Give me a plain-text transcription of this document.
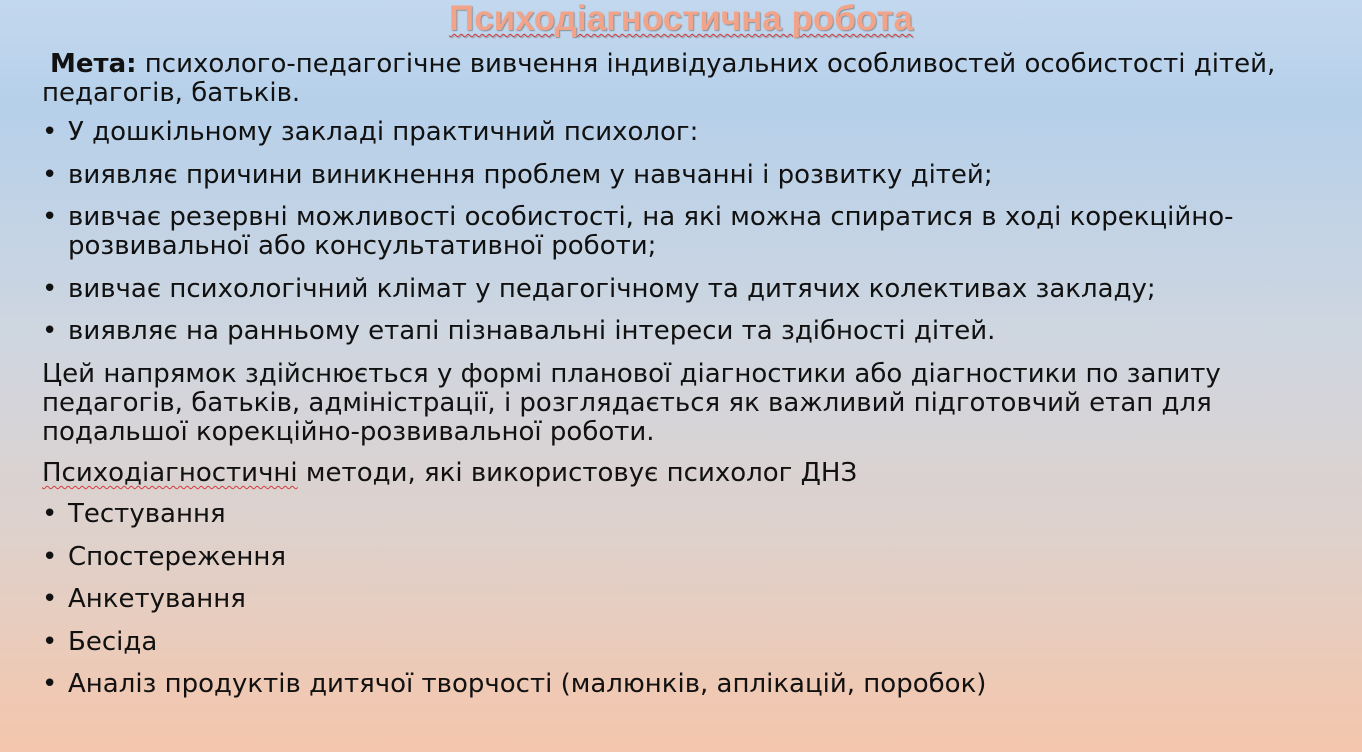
Психодіагностична робота

Мета: психолого-педагогічне вивчення індивідуальних особливостей особистості дітей, педагогів, батьків.

• У дошкільному закладі практичний психолог:
• виявляє причини виникнення проблем у навчанні і розвитку дітей;
• вивчає резервні можливості особистості, на які можна спиратися в ході корекційно-розвивальної або консультативної роботи;
• вивчає психологічний клімат у педагогічному та дитячих колективах закладу;
• виявляє на ранньому етапі пізнавальні інтереси та здібності дітей.

Цей напрямок здійснюється у формі планової діагностики або діагностики по запиту педагогів, батьків, адміністрації, і розглядається як важливий підготовчий етап для подальшої корекційно-розвивальної роботи.

Психодіагностичні методи, які використовує психолог ДНЗ

• Тестування
• Спостереження
• Анкетування
• Бесіда
• Аналіз продуктів дитячої творчості (малюнків, аплікацій, поробок)
